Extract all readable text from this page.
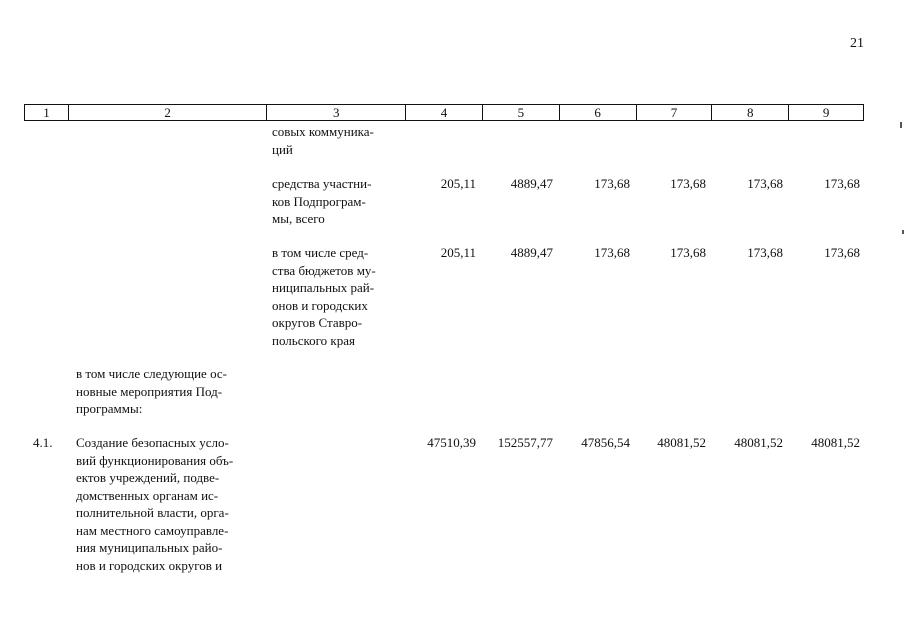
21
1	2	3	4	5	6	7	8	9
совых коммуника-
ций
средства участни-
ков Подпрограм-
мы, всего
205,11	4889,47	173,68	173,68	173,68	173,68
в том числе сред-
ства бюджетов му-
ниципальных рай-
онов и городских
округов Ставро-
польского края
205,11	4889,47	173,68	173,68	173,68	173,68
в том числе следующие ос-
новные мероприятия Под-
программы:
4.1.	Создание безопасных усло-
вий функционирования объ-
ектов учреждений, подве-
домственных органам ис-
полнительной власти, орга-
нам местного самоуправле-
ния муниципальных райо-
нов и городских округов и
47510,39	152557,77	47856,54	48081,52	48081,52	48081,52
